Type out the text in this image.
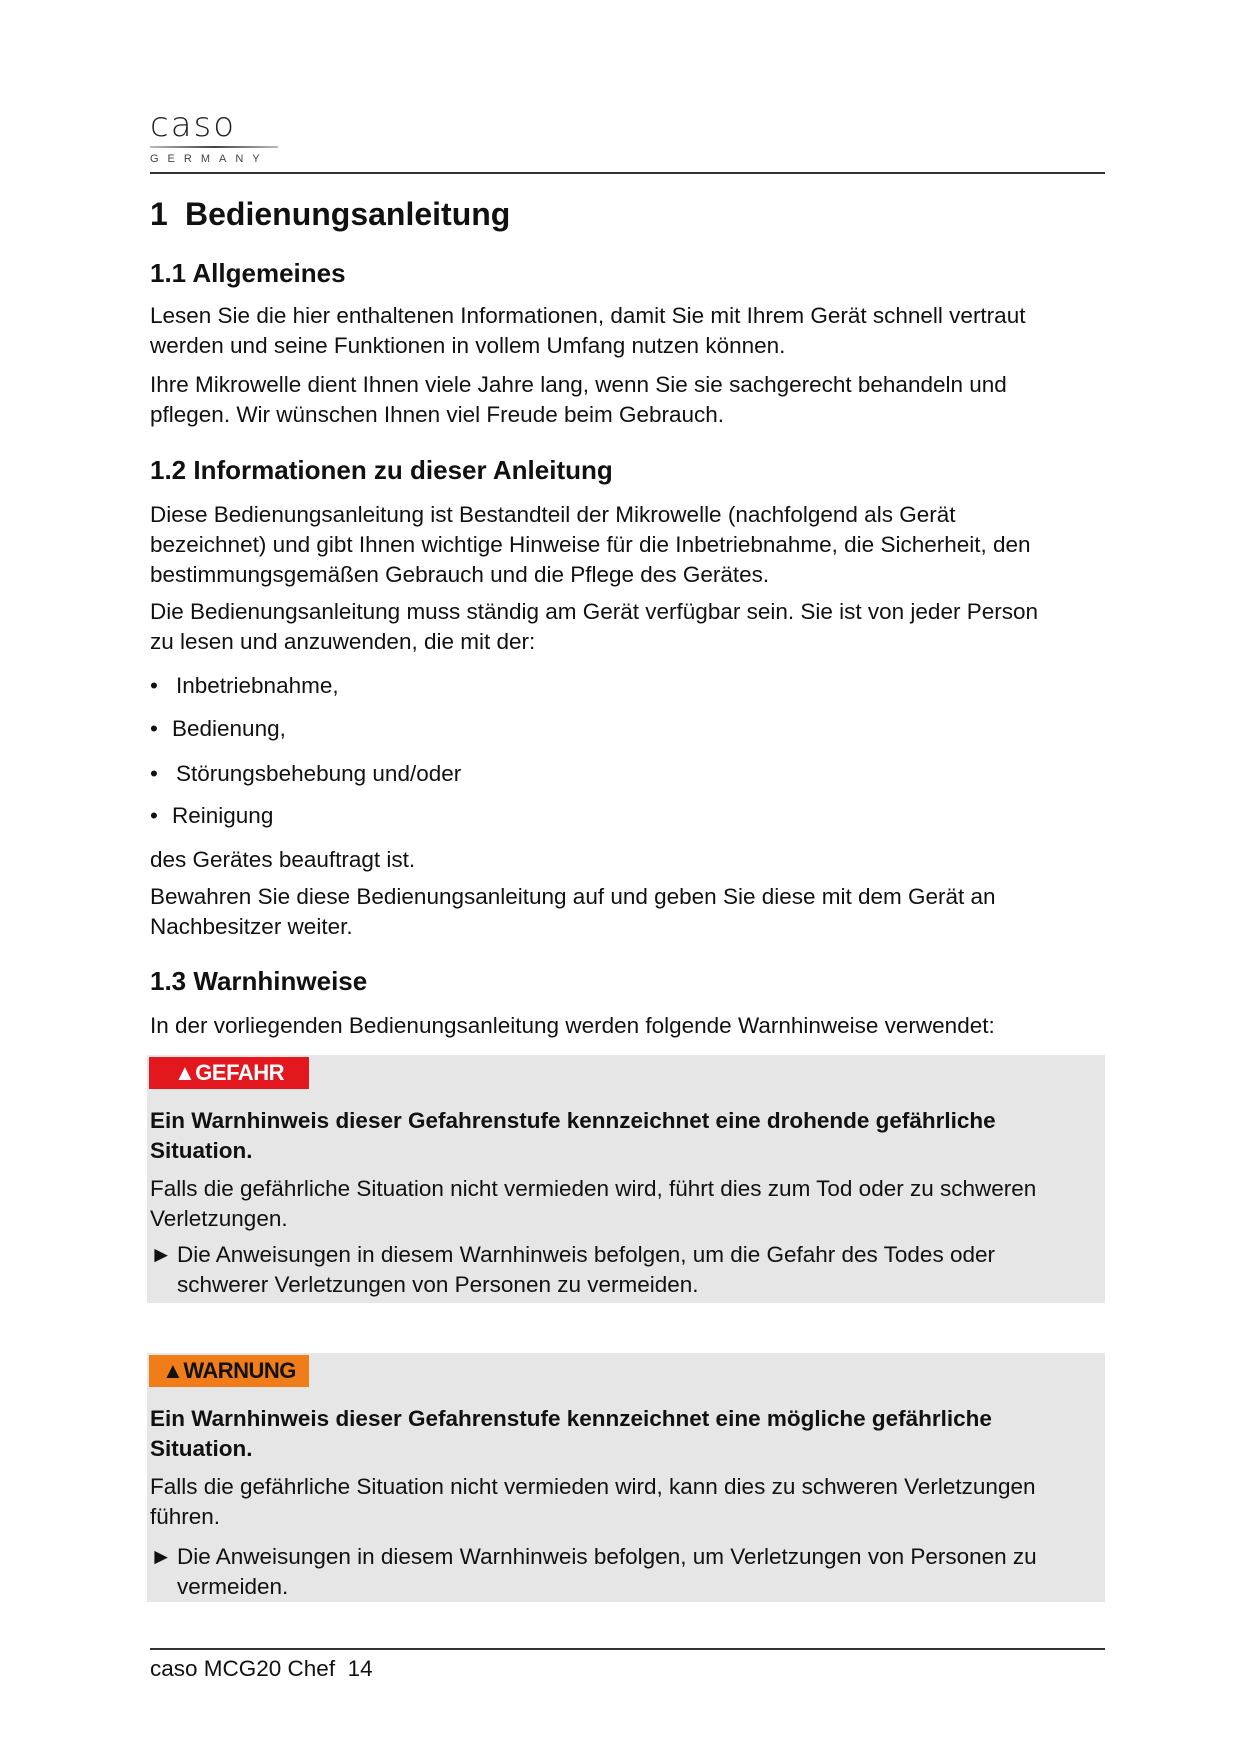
caso
GERMANY
1 Bedienungsanleitung
1.1 Allgemeines
Lesen Sie die hier enthaltenen Informationen, damit Sie mit Ihrem Gerät schnell vertraut
werden und seine Funktionen in vollem Umfang nutzen können.
Ihre Mikrowelle dient Ihnen viele Jahre lang, wenn Sie sie sachgerecht behandeln und
pflegen. Wir wünschen Ihnen viel Freude beim Gebrauch.
1.2 Informationen zu dieser Anleitung
Diese Bedienungsanleitung ist Bestandteil der Mikrowelle (nachfolgend als Gerät
bezeichnet) und gibt Ihnen wichtige Hinweise für die Inbetriebnahme, die Sicherheit, den
bestimmungsgemäßen Gebrauch und die Pflege des Gerätes.
Die Bedienungsanleitung muss ständig am Gerät verfügbar sein. Sie ist von jeder Person
zu lesen und anzuwenden, die mit der:
• Inbetriebnahme,
• Bedienung,
• Störungsbehebung und/oder
• Reinigung
des Gerätes beauftragt ist.
Bewahren Sie diese Bedienungsanleitung auf und geben Sie diese mit dem Gerät an
Nachbesitzer weiter.
1.3 Warnhinweise
In der vorliegenden Bedienungsanleitung werden folgende Warnhinweise verwendet:
▲GEFAHR
Ein Warnhinweis dieser Gefahrenstufe kennzeichnet eine drohende gefährliche
Situation.
Falls die gefährliche Situation nicht vermieden wird, führt dies zum Tod oder zu schweren
Verletzungen.
► Die Anweisungen in diesem Warnhinweis befolgen, um die Gefahr des Todes oder
schwerer Verletzungen von Personen zu vermeiden.
▲WARNUNG
Ein Warnhinweis dieser Gefahrenstufe kennzeichnet eine mögliche gefährliche
Situation.
Falls die gefährliche Situation nicht vermieden wird, kann dies zu schweren Verletzungen
führen.
► Die Anweisungen in diesem Warnhinweis befolgen, um Verletzungen von Personen zu
vermeiden.
caso MCG20 Chef  14
